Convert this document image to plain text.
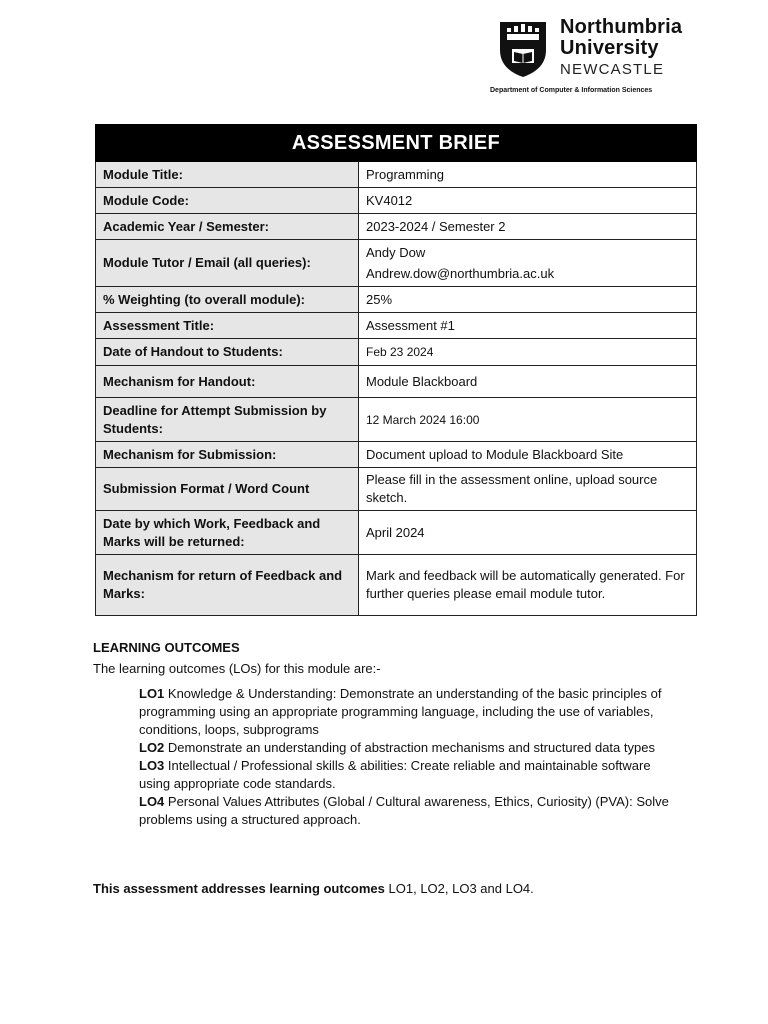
Northumbria
University
NEWCASTLE
Department of Computer & Information Sciences
ASSESSMENT BRIEF	
Module Title:	Programming
Module Code:	KV4012
Academic Year / Semester:	2023-2024 / Semester 2
Module Tutor / Email (all queries):	Andy Dow
Andrew.dow@northumbria.ac.uk

% Weighting (to overall module):	25%
Assessment Title:	Assessment #1
Date of Handout to Students:	Feb 23 2024
Mechanism for Handout:	Module Blackboard
Deadline for Attempt Submission by Students:	12 March 2024 16:00
Mechanism for Submission:	Document upload to Module Blackboard Site
Submission Format / Word Count	Please fill in the assessment online, upload source sketch.
Date by which Work, Feedback and Marks will be returned:	April 2024
Mechanism for return of Feedback and Marks:	Mark and feedback will be automatically generated. For further queries please email module tutor.
LEARNING OUTCOMES
The learning outcomes (LOs) for this module are:-

LO1 Knowledge & Understanding: Demonstrate an understanding of the basic principles of programming using an appropriate programming language, including the use of variables, conditions, loops, subprograms

LO2 Demonstrate an understanding of abstraction mechanisms and structured data types

LO3 Intellectual / Professional skills & abilities: Create reliable and maintainable software using appropriate code standards.

LO4 Personal Values Attributes (Global / Cultural awareness, Ethics, Curiosity) (PVA): Solve problems using a structured approach.

This assessment addresses learning outcomes LO1, LO2, LO3 and LO4.
